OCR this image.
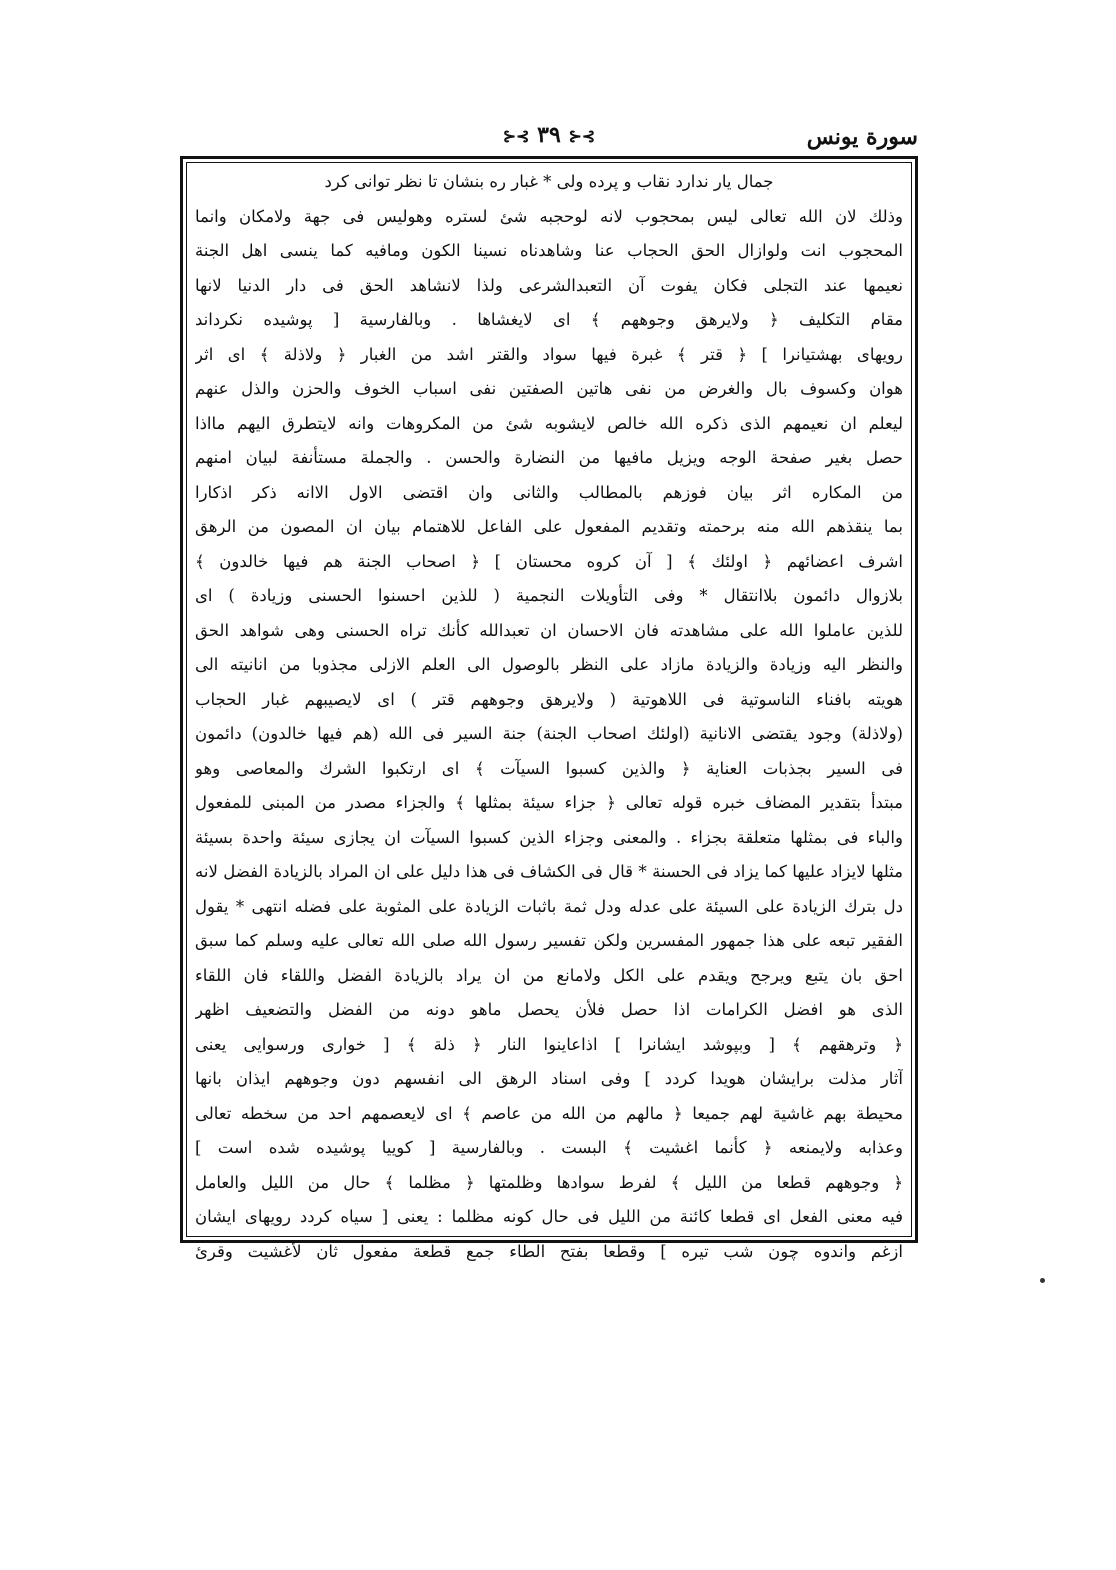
سورة يونس
⊱⊰ ٣٩ ⊱⊰
جمال يار ندارد نقاب و پرده ولى * غبار ره بنشان تا نظر توانى كرد
وذلك لان الله تعالى ليس بمحجوب لانه لوحجبه شئ لستره وهوليس فى جهة ولامكان وانما
المحجوب انت ولوازال الحق الحجاب عنا وشاهدناه نسينا الكون ومافيه كما ينسى اهل الجنة
نعيمها عند التجلى فكان يفوت آن التعبدالشرعى ولذا لانشاهد الحق فى دار الدنيا لانها
مقام التكليف ﴿ ولايرهق وجوههم ﴾ اى لايغشاها . وبالفارسية [ پوشيده نكرداند
رويهاى بهشتيانرا ] ﴿ قتر ﴾ غبرة فيها سواد والقتر اشد من الغبار ﴿ ولاذلة ﴾ اى اثر
هوان وكسوف بال والغرض من نفى هاتين الصفتين نفى اسباب الخوف والحزن والذل عنهم
ليعلم ان نعيمهم الذى ذكره الله خالص لايشوبه شئ من المكروهات وانه لايتطرق اليهم مااذا
حصل بغير صفحة الوجه ويزيل مافيها من النضارة والحسن . والجملة مستأنفة لبيان امنهم
من المكاره اثر بيان فوزهم بالمطالب والثانى وان اقتضى الاول الاانه ذكر اذكارا
بما ينقذهم الله منه برحمته وتقديم المفعول على الفاعل للاهتمام بيان ان المصون من الرهق
اشرف اعضائهم ﴿ اولئك ﴾ [ آن كروه محستان ] ﴿ اصحاب الجنة هم فيها خالدون ﴾
بلازوال دائمون بلاانتقال * وفى التأويلات النجمية ( للذين احسنوا الحسنى وزيادة ) اى
للذين عاملوا الله على مشاهدته فان الاحسان ان تعبدالله كأنك تراه الحسنى وهى شواهد الحق
والنظر اليه وزيادة والزيادة مازاد على النظر بالوصول الى العلم الازلى مجذوبا من انانيته الى
هويته بافناء الناسوتية فى اللاهوتية ( ولايرهق وجوههم قتر ) اى لايصيبهم غبار الحجاب
(ولاذلة) وجود يقتضى الانانية (اولئك اصحاب الجنة) جنة السير فى الله (هم فيها خالدون) دائمون
فى السير بجذبات العناية ﴿ والذين كسبوا السيآت ﴾ اى ارتكبوا الشرك والمعاصى وهو
مبتدأ بتقدير المضاف خبره قوله تعالى ﴿ جزاء سيئة بمثلها ﴾ والجزاء مصدر من المبنى للمفعول
والباء فى بمثلها متعلقة بجزاء . والمعنى وجزاء الذين كسبوا السيآت ان يجازى سيئة واحدة بسيئة
مثلها لايزاد عليها كما يزاد فى الحسنة * قال فى الكشاف فى هذا دليل على ان المراد بالزيادة الفضل لانه
دل بترك الزيادة على السيئة على عدله ودل ثمة باثبات الزيادة على المثوبة على فضله انتهى * يقول
الفقير تبعه على هذا جمهور المفسرين ولكن تفسير رسول الله صلى الله تعالى عليه وسلم كما سبق
احق بان يتبع ويرجح ويقدم على الكل ولامانع من ان يراد بالزيادة الفضل واللقاء فان اللقاء
الذى هو افضل الكرامات اذا حصل فلأن يحصل ماهو دونه من الفضل والتضعيف اظهر
﴿ وترهقهم ﴾ [ وبپوشد ايشانرا ] اذاعاينوا النار ﴿ ذلة ﴾ [ خوارى ورسوايى يعنى
آثار مذلت برايشان هويدا كردد ] وفى اسناد الرهق الى انفسهم دون وجوههم ايذان بانها
محيطة بهم غاشية لهم جميعا ﴿ مالهم من الله من عاصم ﴾ اى لايعصمهم احد من سخطه تعالى
وعذابه ولايمنعه ﴿ كأنما اغشيت ﴾ البست . وبالفارسية [ كوييا پوشيده شده است ]
﴿ وجوههم قطعا من الليل ﴾ لفرط سوادها وظلمتها ﴿ مظلما ﴾ حال من الليل والعامل
فيه معنى الفعل اى قطعا كائنة من الليل فى حال كونه مظلما : يعنى [ سياه كردد رويهاى ايشان
ازغم واندوه چون شب تيره ] وقطعا بفتح الطاء جمع قطعة مفعول ثان لأغشيت وقرئ
